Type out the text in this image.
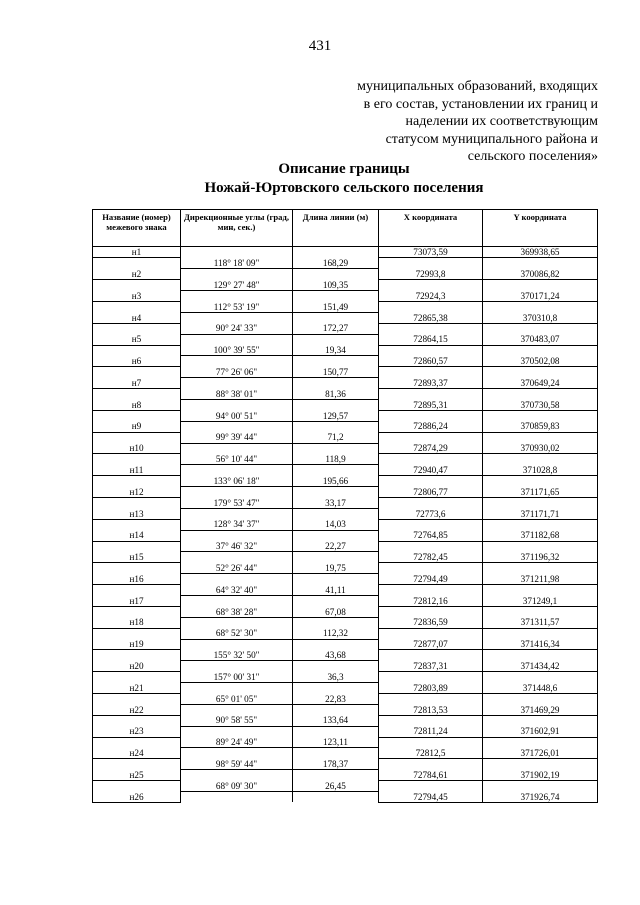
431
муниципальных образований, входящих
в его состав, установлении их границ и
наделении их соответствующим
статусом муниципального района и
сельского поселения»
Описание границы
Ножай-Юртовского сельского поселения
Название (номер) межевого знака	Дирекционные углы (град, мин, сек.)	Длина линии (м)	X координата	Y координата
н1			73073,59	369938,65
	118° 18' 09"	168,29		
н2			72993,8	370086,82
	129° 27' 48"	109,35		
н3			72924,3	370171,24
	112° 53' 19"	151,49		
н4			72865,38	370310,8
	90° 24' 33"	172,27		
н5			72864,15	370483,07
	100° 39' 55"	19,34		
н6			72860,57	370502,08
	77° 26' 06"	150,77		
н7			72893,37	370649,24
	88° 38' 01"	81,36		
н8			72895,31	370730,58
	94° 00' 51"	129,57		
н9			72886,24	370859,83
	99° 39' 44"	71,2		
н10			72874,29	370930,02
	56° 10' 44"	118,9		
н11			72940,47	371028,8
	133° 06' 18"	195,66		
н12			72806,77	371171,65
	179° 53' 47"	33,17		
н13			72773,6	371171,71
	128° 34' 37"	14,03		
н14			72764,85	371182,68
	37° 46' 32"	22,27		
н15			72782,45	371196,32
	52° 26' 44"	19,75		
н16			72794,49	371211,98
	64° 32' 40"	41,11		
н17			72812,16	371249,1
	68° 38' 28"	67,08		
н18			72836,59	371311,57
	68° 52' 30"	112,32		
н19			72877,07	371416,34
	155° 32' 50"	43,68		
н20			72837,31	371434,42
	157° 00' 31"	36,3		
н21			72803,89	371448,6
	65° 01' 05"	22,83		
н22			72813,53	371469,29
	90° 58' 55"	133,64		
н23			72811,24	371602,91
	89° 24' 49"	123,11		
н24			72812,5	371726,01
	98° 59' 44"	178,37		
н25			72784,61	371902,19
	68° 09' 30"	26,45		
н26			72794,45	371926,74
